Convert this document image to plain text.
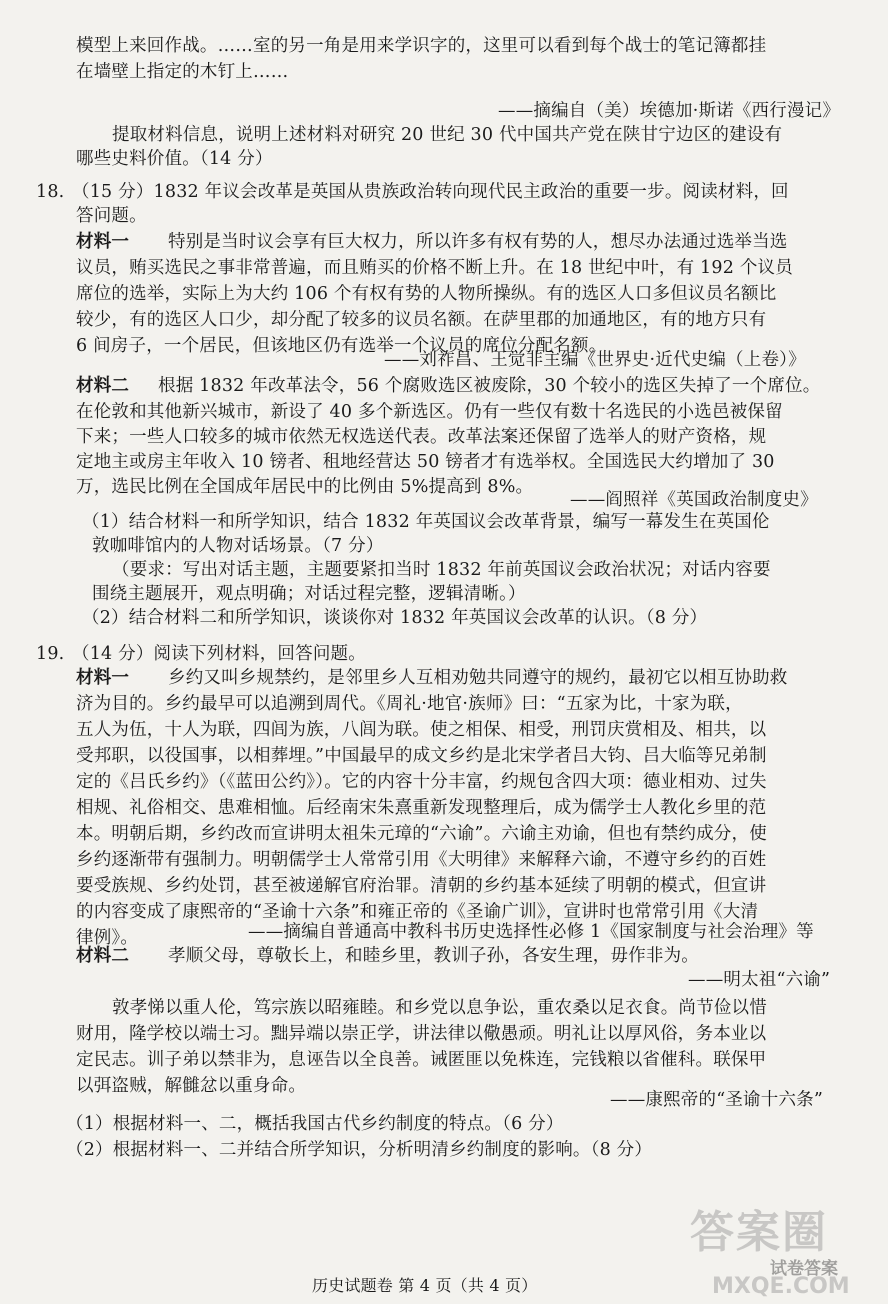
模型上来回作战。……室的另一角是用来学识字的，这里可以看到每个战士的笔记簿都挂
在墙壁上指定的木钉上……
——摘编自（美）埃德加·斯诺《西行漫记》
提取材料信息，说明上述材料对研究 20 世纪 30 代中国共产党在陕甘宁边区的建设有
哪些史料价值。（14 分）
18. （15 分）1832 年议会改革是英国从贵族政治转向现代民主政治的重要一步。阅读材料，回
答问题。
材料一 特别是当时议会享有巨大权力，所以许多有权有势的人，想尽办法通过选举当选
议员，贿买选民之事非常普遍，而且贿买的价格不断上升。在 18 世纪中叶，有 192 个议员
席位的选举，实际上为大约 106 个有权有势的人物所操纵。有的选区人口多但议员名额比
较少，有的选区人口少，却分配了较多的议员名额。在萨里郡的加通地区，有的地方只有
6 间房子，一个居民，但该地区仍有选举一个议员的席位分配名额。
——刘祚昌、王觉非主编《世界史·近代史编（上卷）》
材料二 根据 1832 年改革法令，56 个腐败选区被废除，30 个较小的选区失掉了一个席位。
在伦敦和其他新兴城市，新设了 40 多个新选区。仍有一些仅有数十名选民的小选邑被保留
下来；一些人口较多的城市依然无权选送代表。改革法案还保留了选举人的财产资格，规
定地主或房主年收入 10 镑者、租地经营达 50 镑者才有选举权。全国选民大约增加了 30
万，选民比例在全国成年居民中的比例由 5%提高到 8%。
——阎照祥《英国政治制度史》
（1）结合材料一和所学知识，结合 1832 年英国议会改革背景，编写一幕发生在英国伦
敦咖啡馆内的人物对话场景。（7 分）
（要求：写出对话主题，主题要紧扣当时 1832 年前英国议会政治状况；对话内容要
围绕主题展开，观点明确；对话过程完整，逻辑清晰。）
（2）结合材料二和所学知识，谈谈你对 1832 年英国议会改革的认识。（8 分）
19. （14 分）阅读下列材料，回答问题。
材料一 乡约又叫乡规禁约，是邻里乡人互相劝勉共同遵守的规约，最初它以相互协助救
济为目的。乡约最早可以追溯到周代。《周礼·地官·族师》曰：“五家为比，十家为联，
五人为伍，十人为联，四闾为族，八闾为联。使之相保、相受，刑罚庆赏相及、相共，以
受邦职，以役国事，以相葬埋。”中国最早的成文乡约是北宋学者吕大钧、吕大临等兄弟制
定的《吕氏乡约》（《蓝田公约》）。它的内容十分丰富，约规包含四大项：德业相劝、过失
相规、礼俗相交、患难相恤。后经南宋朱熹重新发现整理后，成为儒学士人教化乡里的范
本。明朝后期，乡约改而宣讲明太祖朱元璋的“六谕”。六谕主劝谕，但也有禁约成分，使
乡约逐渐带有强制力。明朝儒学士人常常引用《大明律》来解释六谕，不遵守乡约的百姓
要受族规、乡约处罚，甚至被递解官府治罪。清朝的乡约基本延续了明朝的模式，但宣讲
的内容变成了康熙帝的“圣谕十六条”和雍正帝的《圣谕广训》，宣讲时也常常引用《大清
律例》。	——摘编自普通高中教科书历史选择性必修 1《国家制度与社会治理》等
材料二 孝顺父母，尊敬长上，和睦乡里，教训子孙，各安生理，毋作非为。
——明太祖“六谕”
敦孝悌以重人伦，笃宗族以昭雍睦。和乡党以息争讼，重农桑以足衣食。尚节俭以惜
财用，隆学校以端士习。黜异端以崇正学，讲法律以儆愚顽。明礼让以厚风俗，务本业以
定民志。训子弟以禁非为，息诬告以全良善。诫匿匪以免株连，完钱粮以省催科。联保甲
以弭盗贼，解雠忿以重身命。
——康熙帝的“圣谕十六条”
（1）根据材料一、二，概括我国古代乡约制度的特点。（6 分）
（2）根据材料一、二并结合所学知识，分析明清乡约制度的影响。（8 分）
答案圈
试卷答案
MXQE.COM
历史试题卷 第 4 页（共 4 页）
